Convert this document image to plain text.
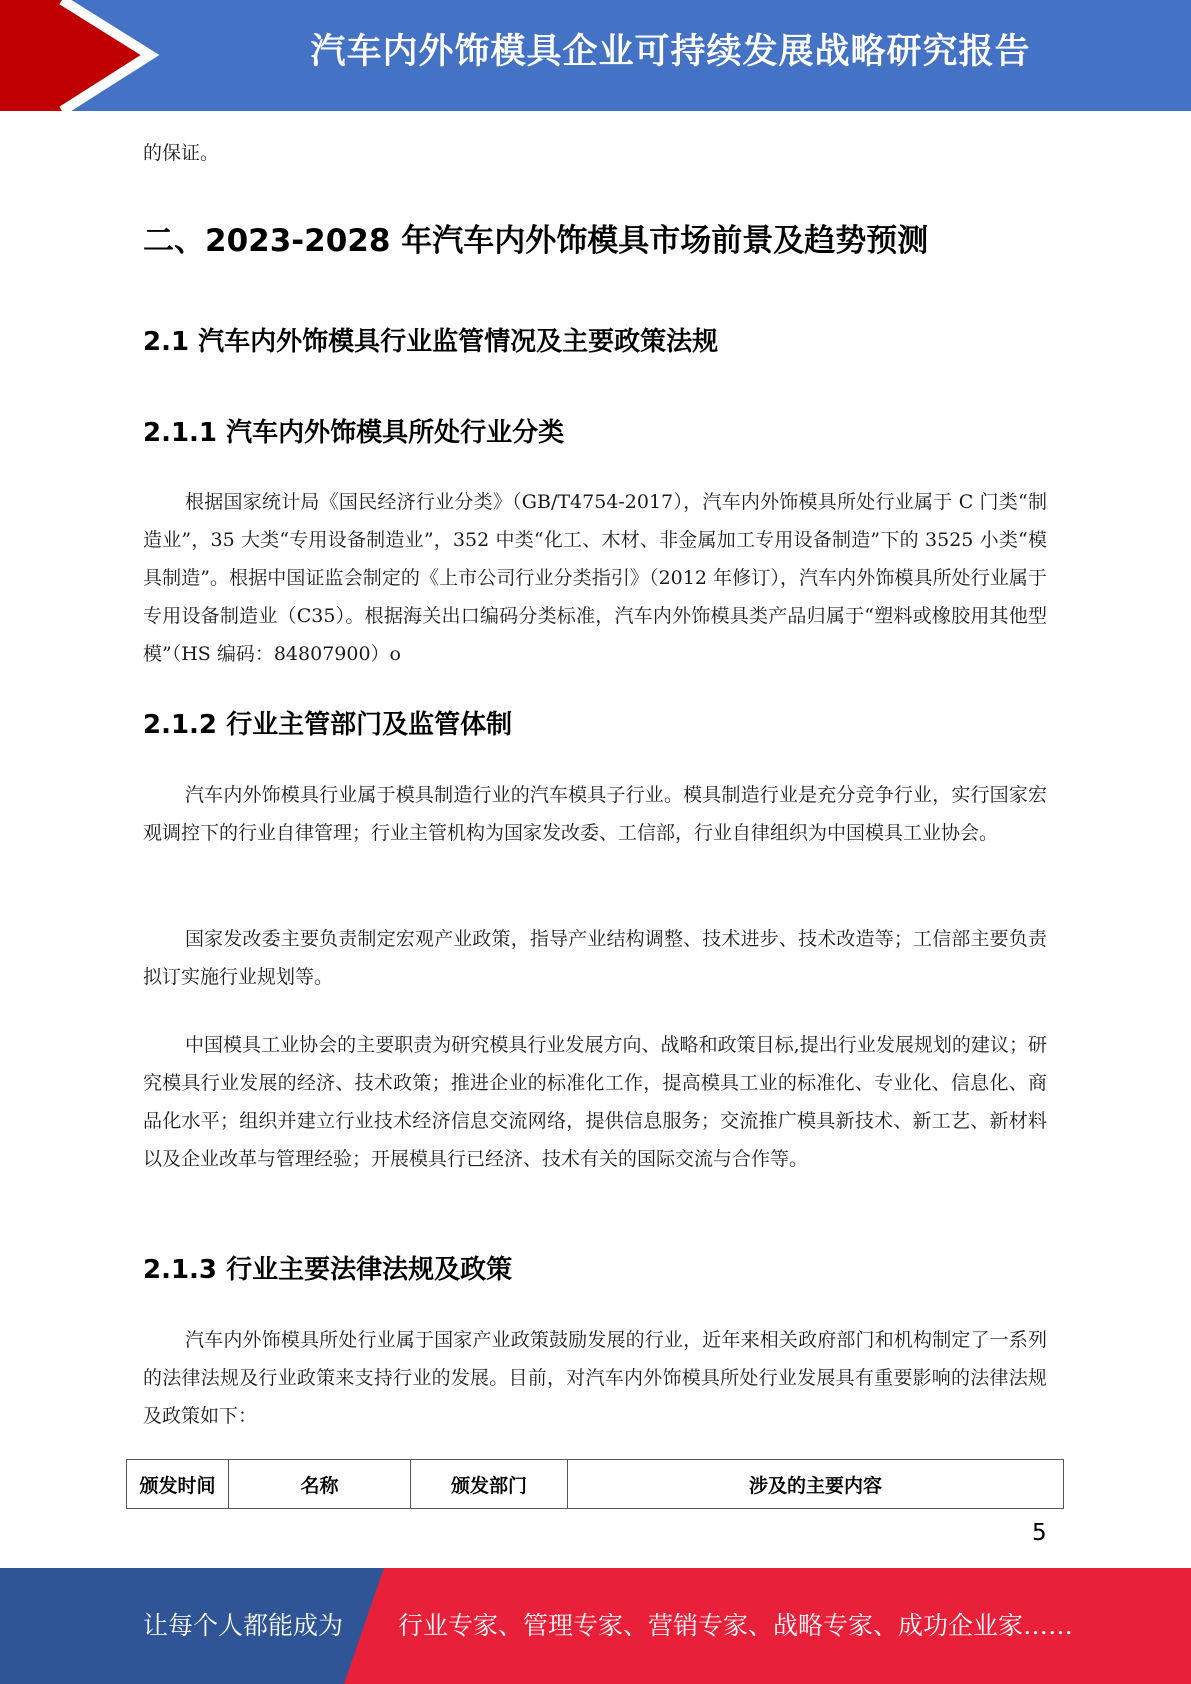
汽车内外饰模具企业可持续发展战略研究报告

的保证。

二、2023-2028 年汽车内外饰模具市场前景及趋势预测
2.1 汽车内外饰模具行业监管情况及主要政策法规
2.1.1 汽车内外饰模具所处行业分类

根据国家统计局《国民经济行业分类》（GB/T4754-2017），汽车内外饰模具所处行业属于 C 门类“制造业”，35 大类“专用设备制造业”，352 中类“化工、木材、非金属加工专用设备制造”下的 3525 小类“模具制造”。根据中国证监会制定的《上市公司行业分类指引》（2012 年修订），汽车内外饰模具所处行业属于专用设备制造业（C35）。根据海关出口编码分类标准，汽车内外饰模具类产品归属于“塑料或橡胶用其他型模”（HS 编码：84807900）o

2.1.2 行业主管部门及监管体制

汽车内外饰模具行业属于模具制造行业的汽车模具子行业。模具制造行业是充分竞争行业，实行国家宏观调控下的行业自律管理；行业主管机构为国家发改委、工信部，行业自律组织为中国模具工业协会。

国家发改委主要负责制定宏观产业政策，指导产业结构调整、技术进步、技术改造等；工信部主要负责拟订实施行业规划等。

中国模具工业协会的主要职责为研究模具行业发展方向、战略和政策目标,提出行业发展规划的建议；研究模具行业发展的经济、技术政策；推进企业的标准化工作，提高模具工业的标准化、专业化、信息化、商品化水平；组织并建立行业技术经济信息交流网络，提供信息服务；交流推广模具新技术、新工艺、新材料以及企业改革与管理经验；开展模具行已经济、技术有关的国际交流与合作等。

2.1.3 行业主要法律法规及政策

汽车内外饰模具所处行业属于国家产业政策鼓励发展的行业，近年来相关政府部门和机构制定了一系列的法律法规及行业政策来支持行业的发展。目前，对汽车内外饰模具所处行业发展具有重要影响的法律法规及政策如下：

颁发时间	名称	颁发部门	涉及的主要内容
5
让每个人都能成为 行业专家、管理专家、营销专家、战略专家、成功企业家……
